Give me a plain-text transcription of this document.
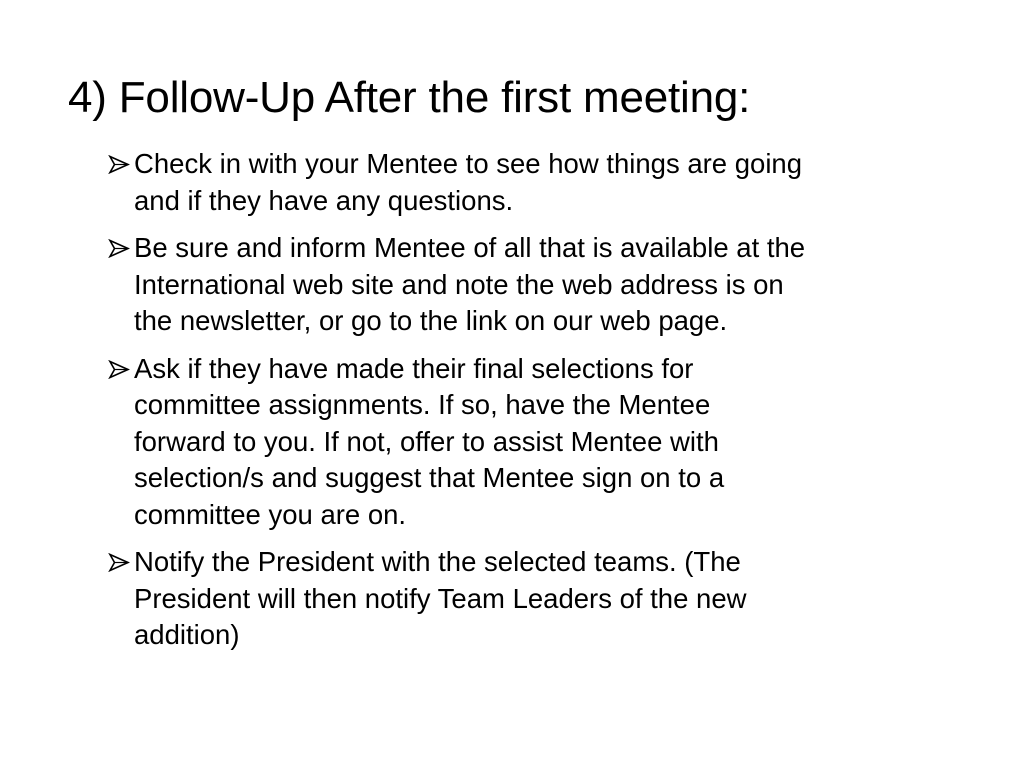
4) Follow-Up After the first meeting:
Check in with your Mentee to see how things are going
and if they have any questions.
Be sure and inform Mentee of all that is available at the
International web site and note the web address is on
the newsletter, or go to the link on our web page.
Ask if they have made their final selections for
committee assignments. If so, have the Mentee
forward to you. If not, offer to assist Mentee with
selection/s and suggest that Mentee sign on to a
committee you are on.
Notify the President with the selected teams. (The
President will then notify Team Leaders of the new
addition)
